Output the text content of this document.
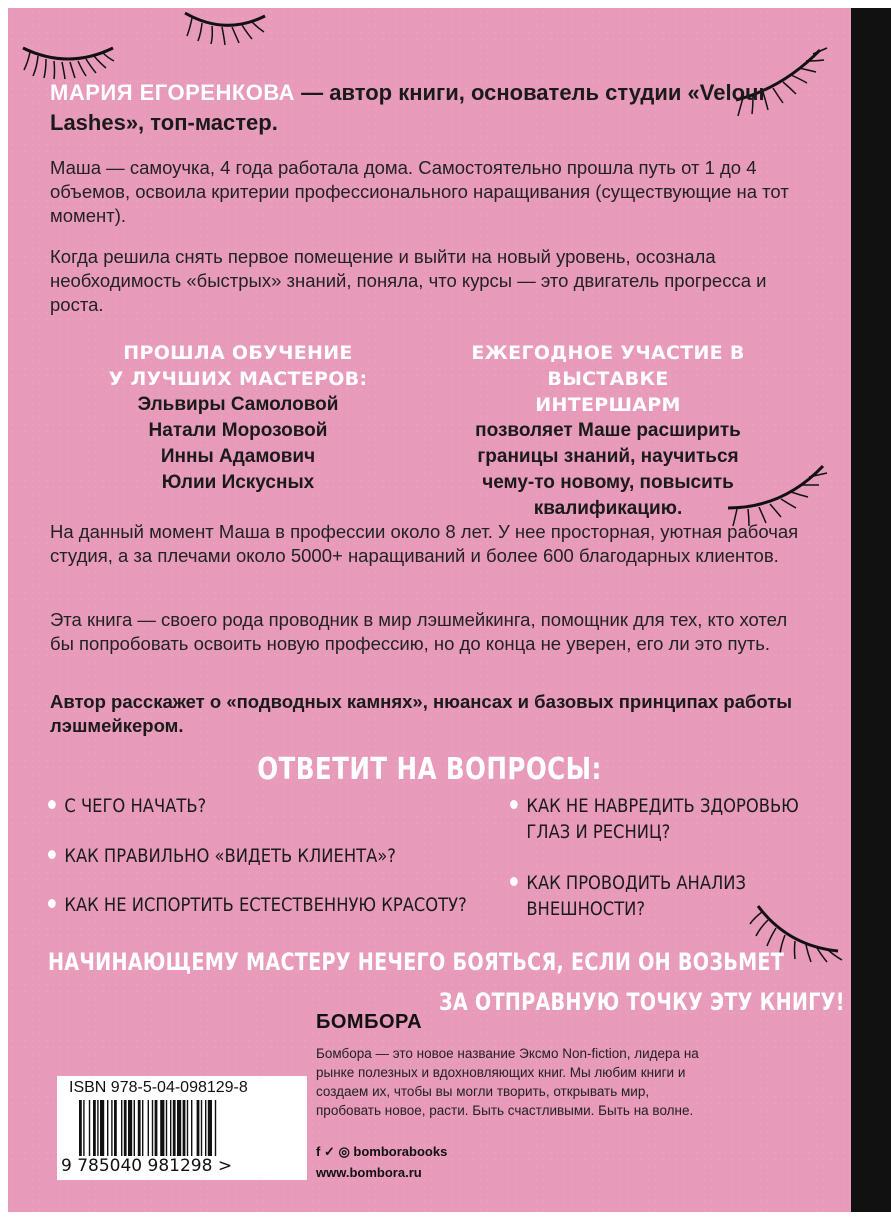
МАРИЯ ЕГОРЕНКОВА — автор книги, основатель студии «Velour Lashes», топ-мастер.

Маша — самоучка, 4 года работала дома. Самостоятельно прошла путь от 1 до 4 объемов, освоила критерии профессионального наращивания (существующие на тот момент).

Когда решила снять первое помещение и выйти на новый уровень, осознала необходимость «быстрых» знаний, поняла, что курсы — это двигатель прогресса и роста.

ПРОШЛА ОБУЧЕНИЕ
У ЛУЧШИХ МАСТЕРОВ:
Эльвиры Самоловой
Натали Морозовой
Инны Адамович
Юлии Искусных
ЕЖЕГОДНОЕ УЧАСТИЕ В ВЫСТАВКЕ
ИНТЕРШАРМ
позволяет Маше расширить
границы знаний, научиться
чему-то новому, повысить
квалификацию.

На данный момент Маша в профессии около 8 лет. У нее просторная, уютная рабочая студия, а за плечами около 5000+ наращиваний и более 600 благодарных клиентов.

Эта книга — своего рода проводник в мир лэшмейкинга, помощник для тех, кто хотел бы попробовать освоить новую профессию, но до конца не уверен, его ли это путь.

Автор расскажет о «подводных камнях», нюансах и базовых принципах работы лэшмейкером.

ОТВЕТИТ НА ВОПРОСЫ:
С ЧЕГО НАЧАТЬ?
КАК ПРАВИЛЬНО «ВИДЕТЬ КЛИЕНТА»?
КАК НЕ ИСПОРТИТЬ ЕСТЕСТВЕННУЮ КРАСОТУ?
КАК НЕ НАВРЕДИТЬ ЗДОРОВЬЮ
ГЛАЗ И РЕСНИЦ?
КАК ПРОВОДИТЬ АНАЛИЗ
ВНЕШНОСТИ?
НАЧИНАЮЩЕМУ МАСТЕРУ НЕЧЕГО БОЯТЬСЯ, ЕСЛИ ОН ВОЗЬМЕТ
ЗА ОТПРАВНУЮ ТОЧКУ ЭТУ КНИГУ!
БОМБОРА
Бомбора — это новое название Эксмо Non-fiction, лидера на рынке полезных и вдохновляющих книг. Мы любим книги и создаем их, чтобы вы могли творить, открывать мир, пробовать новое, расти. Быть счастливыми. Быть на волне.
f ✓ ◎ bomborabooks
www.bombora.ru
ISBN 978-5-04-098129-8
9 785040 981298 >
